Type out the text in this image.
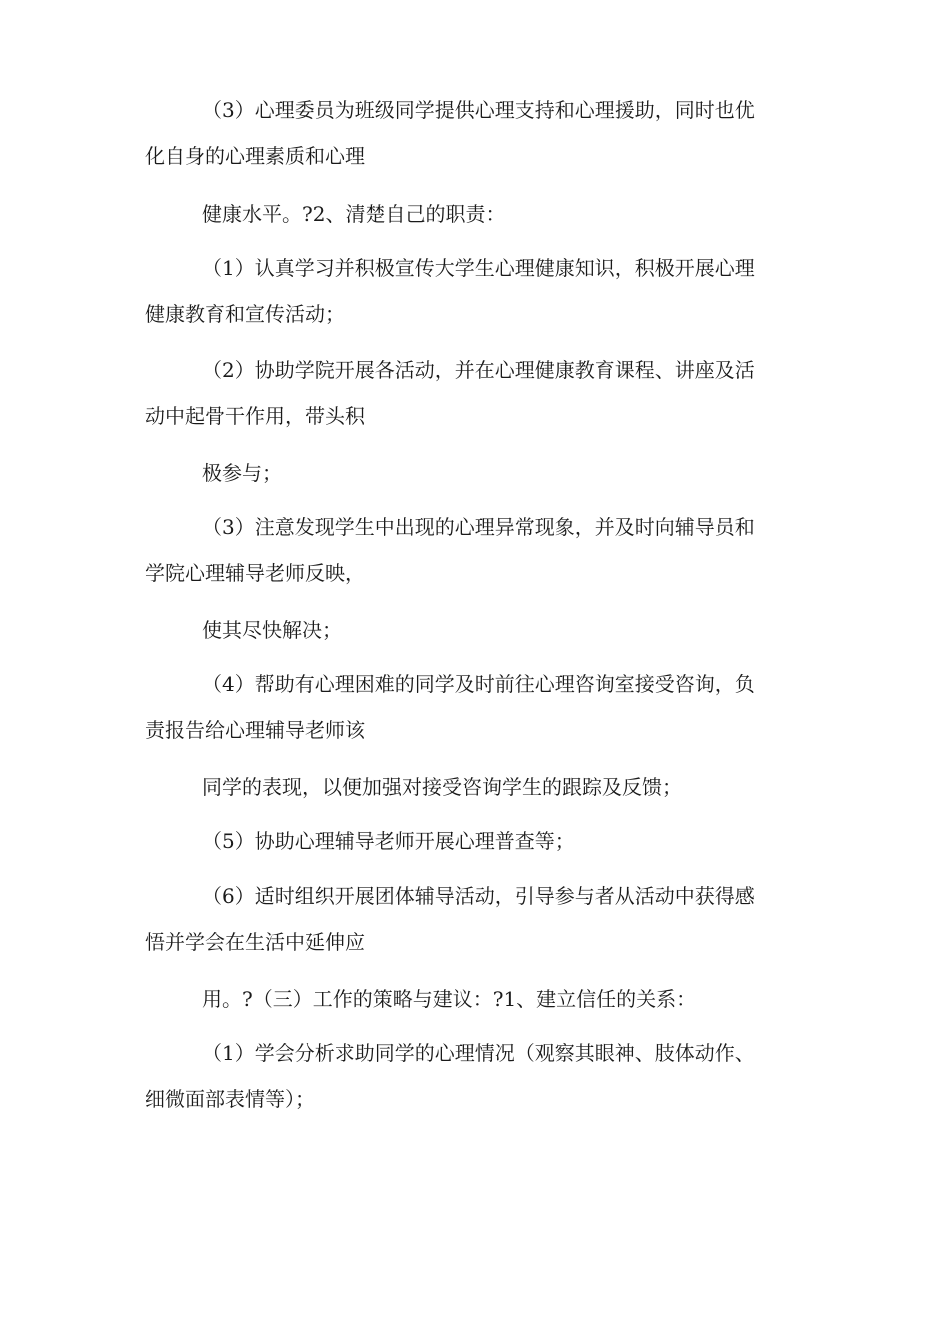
（3）心理委员为班级同学提供心理支持和心理援助，同时也优
化自身的心理素质和心理
健康水平。?2、清楚自己的职责：
（1）认真学习并积极宣传大学生心理健康知识，积极开展心理
健康教育和宣传活动；
（2）协助学院开展各活动，并在心理健康教育课程、讲座及活
动中起骨干作用，带头积
极参与；
（3）注意发现学生中出现的心理异常现象，并及时向辅导员和
学院心理辅导老师反映，
使其尽快解决；
（4）帮助有心理困难的同学及时前往心理咨询室接受咨询，负
责报告给心理辅导老师该
同学的表现，以便加强对接受咨询学生的跟踪及反馈；
（5）协助心理辅导老师开展心理普查等；
（6）适时组织开展团体辅导活动，引导参与者从活动中获得感
悟并学会在生活中延伸应
用。?（三）工作的策略与建议：?1、建立信任的关系：
（1）学会分析求助同学的心理情况（观察其眼神、肢体动作、
细微面部表情等）；
